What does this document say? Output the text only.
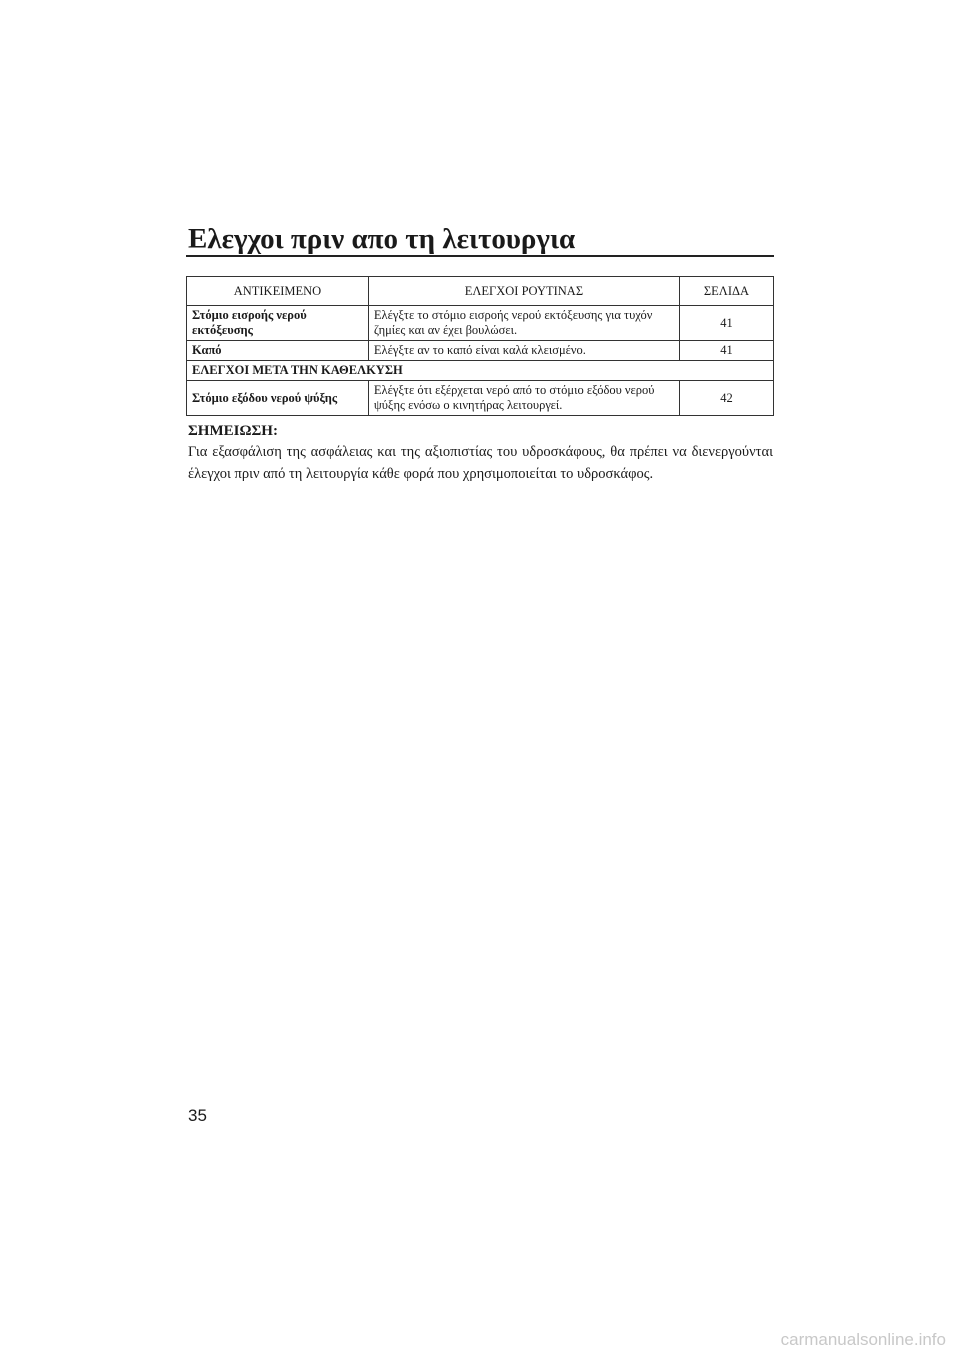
Ελεγχοι πριν απο τη λειτουργια
ΑΝΤΙΚΕΙΜΕΝΟ	ΕΛΕΓΧΟΙ ΡΟΥΤΙΝΑΣ	ΣΕΛΙΔΑ
Στόμιο εισροής νερού εκτόξευσης	Ελέγξτε το στόμιο εισροής νερού εκτόξευσης για τυχόν ζημίες και αν έχει βουλώσει.	41
Καπό	Ελέγξτε αν το καπό είναι καλά κλεισμένο.	41
ΕΛΕΓΧΟΙ ΜΕΤΑ ΤΗΝ ΚΑΘΕΛΚΥΣΗ		
Στόμιο εξόδου νερού ψύξης	Ελέγξτε ότι εξέρχεται νερό από το στόμιο εξόδου νερού ψύξης ενόσω ο κινητήρας λειτουργεί.	42
ΣΗΜΕΙΩΣΗ:

Για εξασφάλιση της ασφάλειας και της αξιοπιστίας του υδροσκάφους, θα πρέπει να διενεργούνται έλεγχοι πριν από τη λειτουργία κάθε φορά που χρησιμοποιείται το υδροσκάφος.

35

carmanualsonline.info
